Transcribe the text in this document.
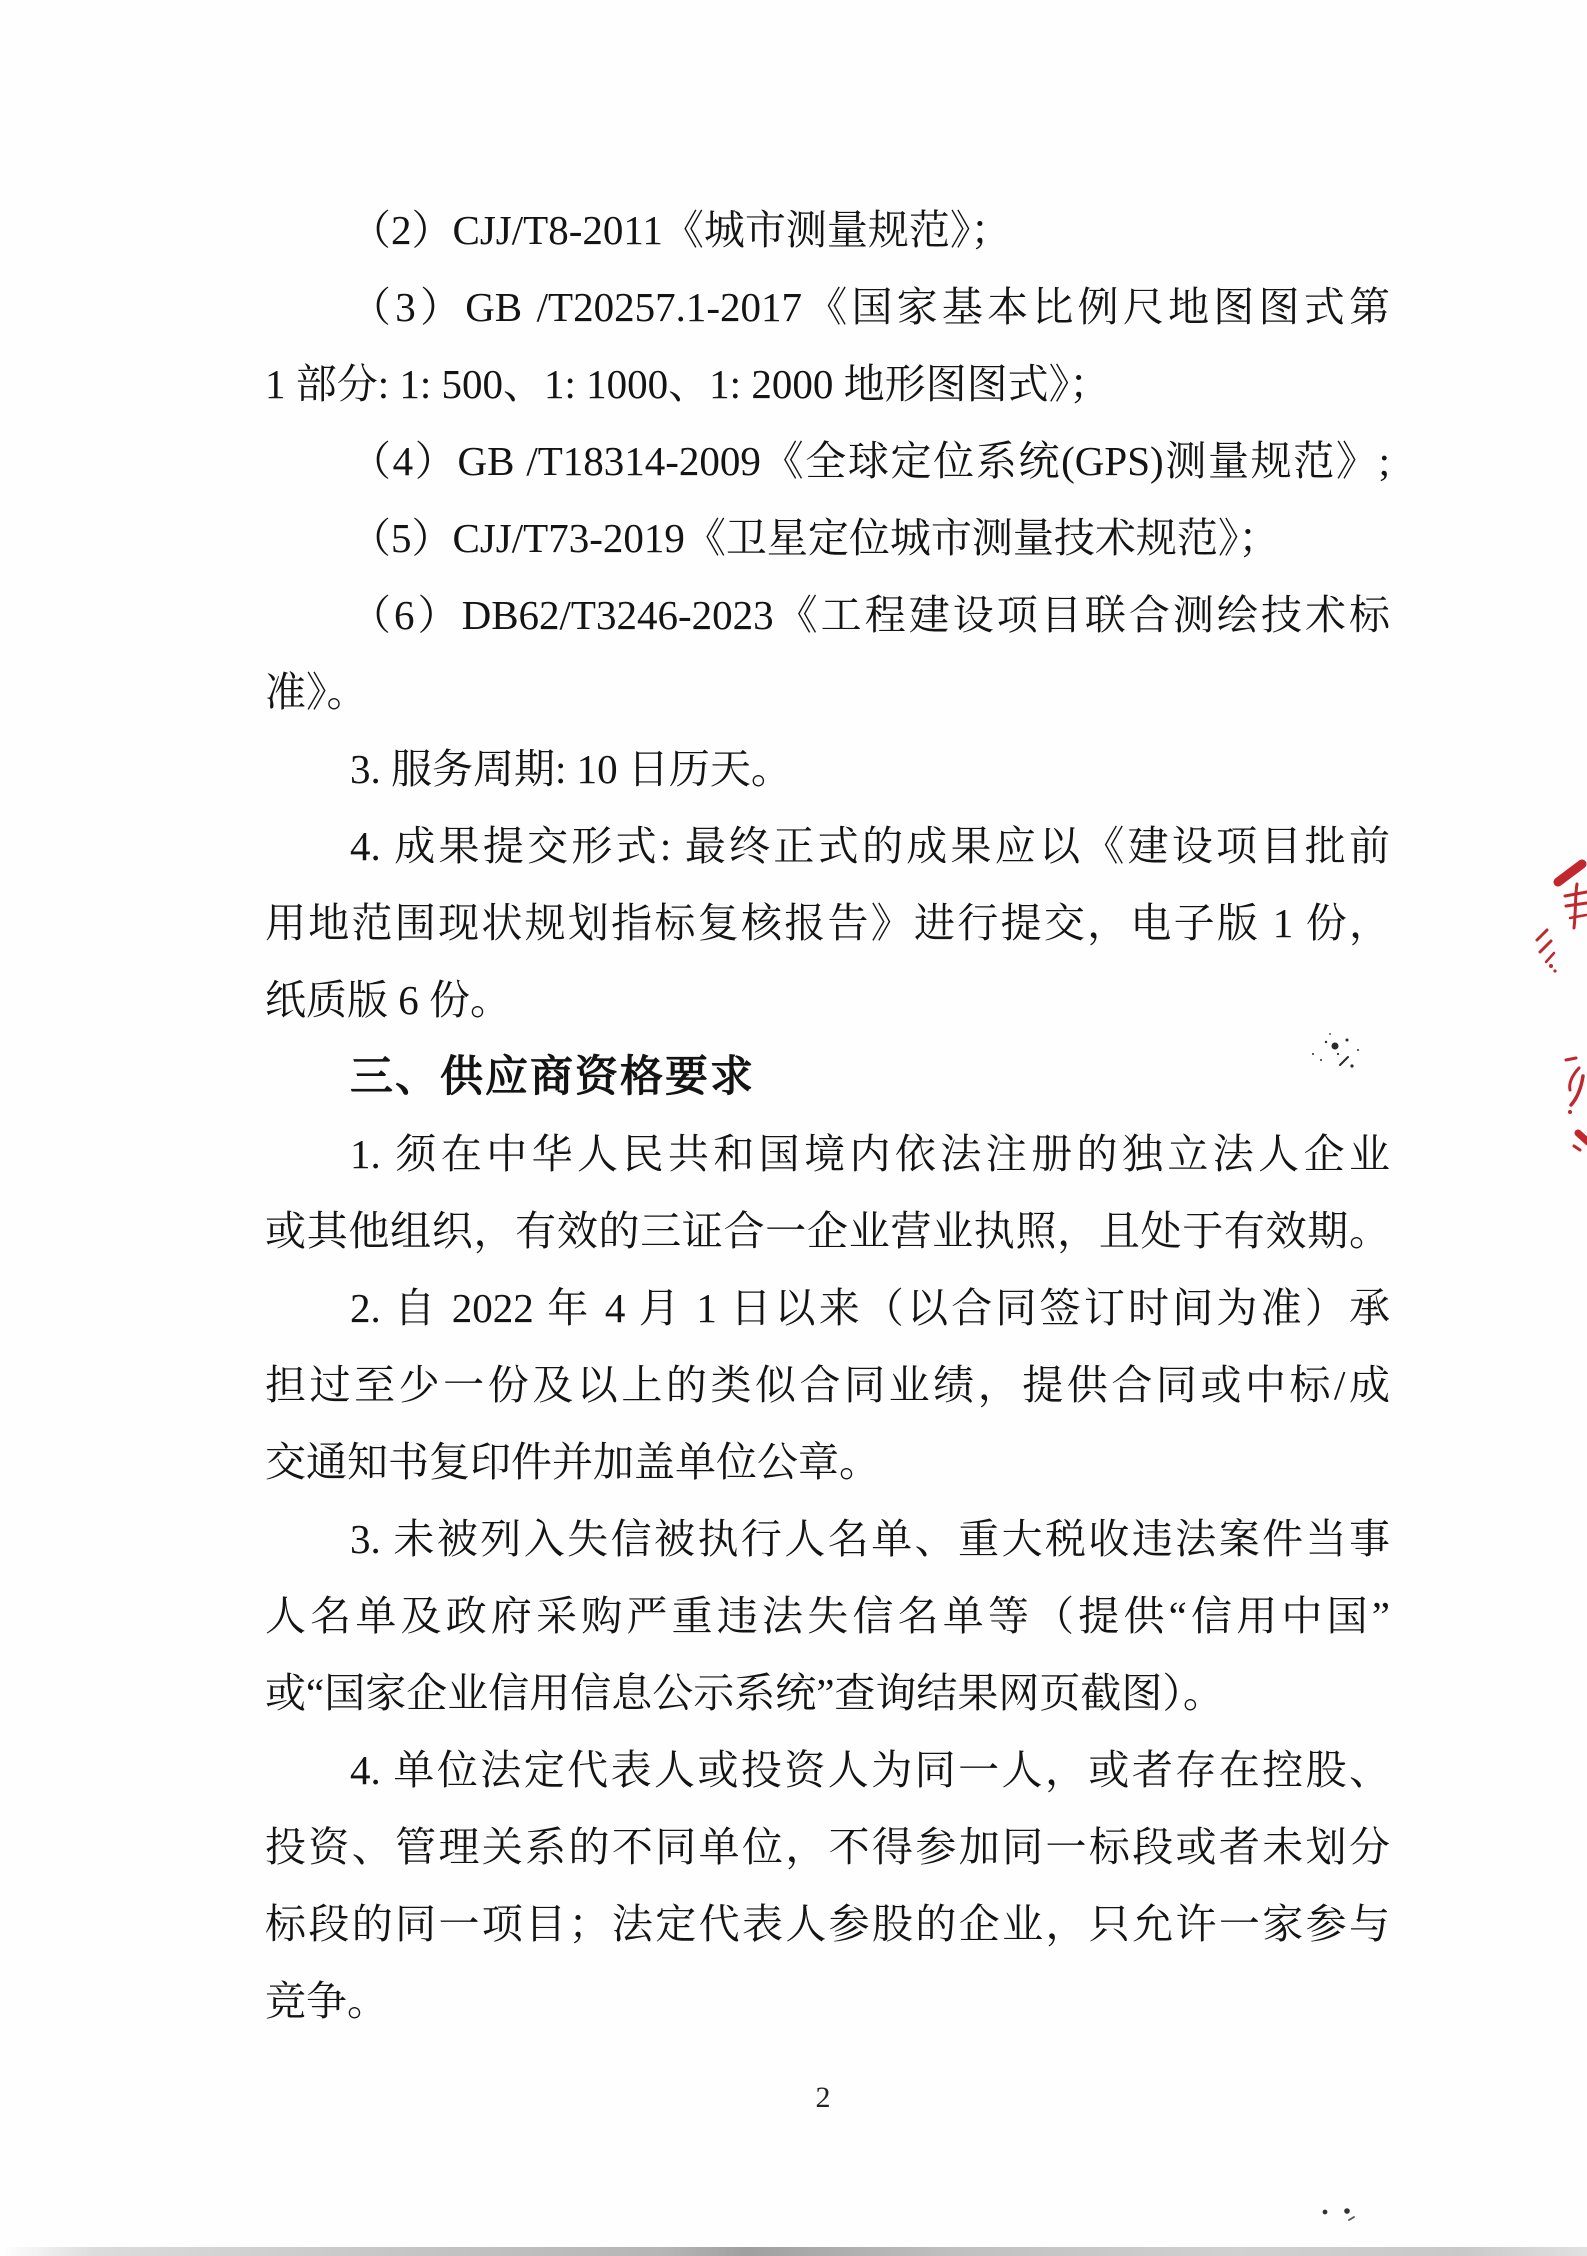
（2）CJJ/T8-2011《城市测量规范》；
（3）GB /T20257.1-2017《国家基本比例尺地图图式第
1 部分: 1: 500、1: 1000、1: 2000 地形图图式》；
（4）GB /T18314-2009《全球定位系统(GPS)测量规范》;
（5）CJJ/T73-2019《卫星定位城市测量技术规范》；
（6）DB62/T3246-2023《工程建设项目联合测绘技术标
准》。
3. 服务周期: 10 日历天。
4. 成果提交形式: 最终正式的成果应以《建设项目批前
用地范围现状规划指标复核报告》进行提交，电子版 1 份，
纸质版 6 份。
三、供应商资格要求
1. 须在中华人民共和国境内依法注册的独立法人企业
或其他组织，有效的三证合一企业营业执照，且处于有效期。
2. 自 2022 年 4 月 1 日以来（以合同签订时间为准）承
担过至少一份及以上的类似合同业绩，提供合同或中标/成
交通知书复印件并加盖单位公章。
3. 未被列入失信被执行人名单、重大税收违法案件当事
人名单及政府采购严重违法失信名单等（提供“信用中国”
或“国家企业信用信息公示系统”查询结果网页截图）。
4. 单位法定代表人或投资人为同一人，或者存在控股、
投资、管理关系的不同单位，不得参加同一标段或者未划分
标段的同一项目；法定代表人参股的企业，只允许一家参与
竞争。
2
